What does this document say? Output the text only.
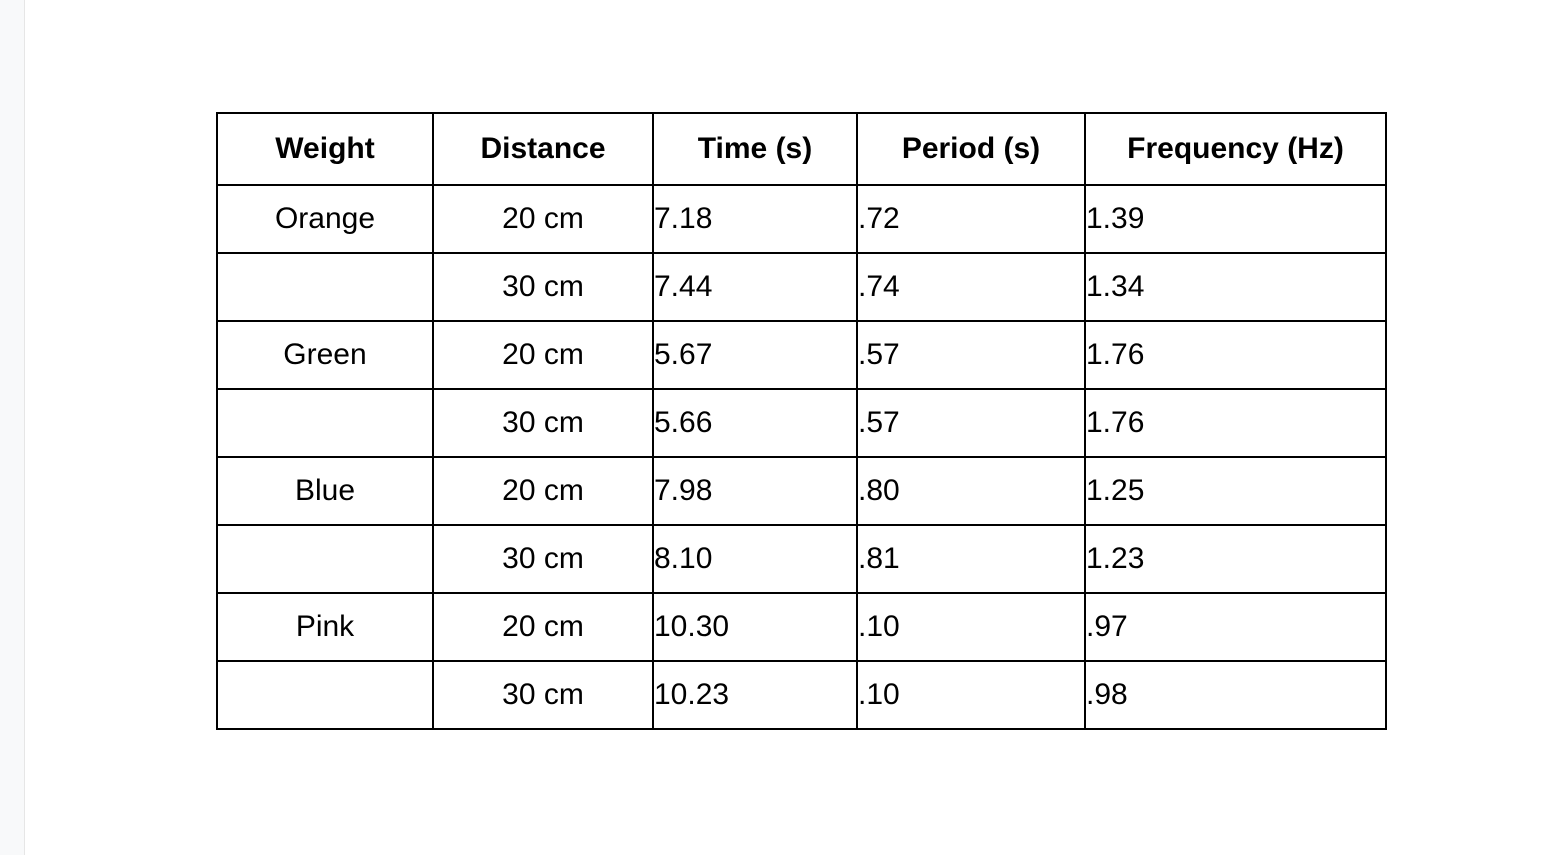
Weight	Distance	Time (s)	Period (s)	Frequency (Hz)
Orange	20 cm	7.18	.72	1.39
	30 cm	7.44	.74	1.34
Green	20 cm	5.67	.57	1.76
	30 cm	5.66	.57	1.76
Blue	20 cm	7.98	.80	1.25
	30 cm	8.10	.81	1.23
Pink	20 cm	10.30	.10	.97
	30 cm	10.23	.10	.98
